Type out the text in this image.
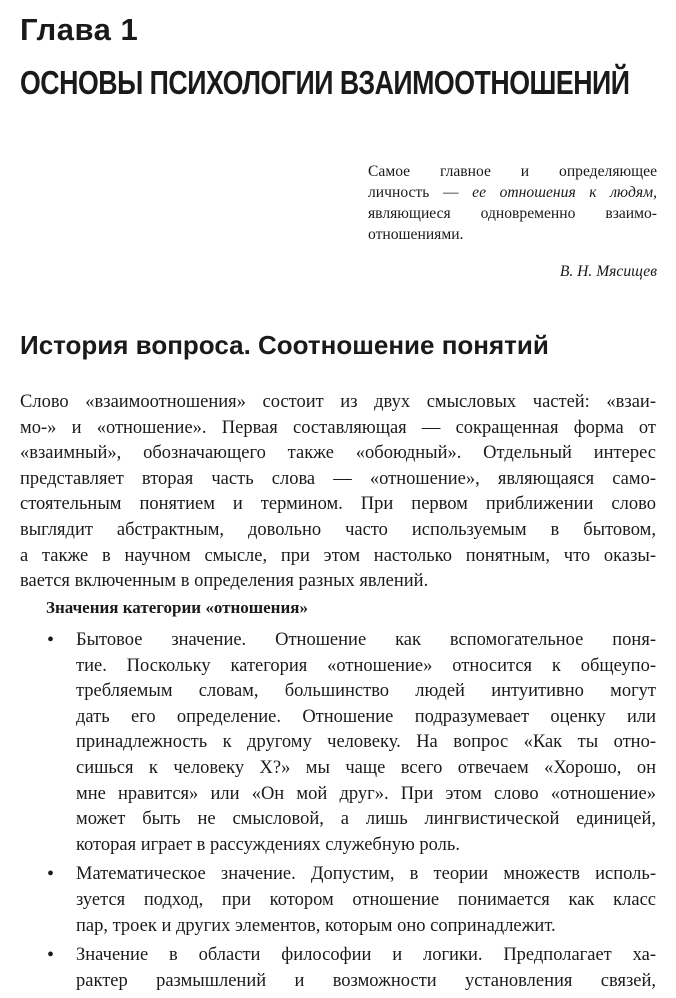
Глава 1
ОСНОВЫ ПСИХОЛОГИИ ВЗАИМООТНОШЕНИЙ
Самое главное и определяющее
личность — ее отношения к людям,
являющиеся одновременно взаимо-
отношениями.
В. Н. Мясищев
История вопроса. Соотношение понятий
Слово «взаимоотношения» состоит из двух смысловых частей: «взаи-
мо-» и «отношение». Первая составляющая — сокращенная форма от
«взаимный», обозначающего также «обоюдный». Отдельный интерес
представляет вторая часть слова — «отношение», являющаяся само-
стоятельным понятием и термином. При первом приближении слово
выглядит абстрактным, довольно часто используемым в бытовом,
а также в научном смысле, при этом настолько понятным, что оказы-
вается включенным в определения разных явлений.
Значения категории «отношения»
• Бытовое значение. Отношение как вспомогательное поня-
тие. Поскольку категория «отношение» относится к общеупо-
требляемым словам, большинство людей интуитивно могут
дать его определение. Отношение подразумевает оценку или
принадлежность к другому человеку. На вопрос «Как ты отно-
сишься к человеку Х?» мы чаще всего отвечаем «Хорошо, он
мне нравится» или «Он мой друг». При этом слово «отношение»
может быть не смысловой, а лишь лингвистической единицей,
которая играет в рассуждениях служебную роль.
• Математическое значение. Допустим, в теории множеств исполь-
зуется подход, при котором отношение понимается как класс
пар, троек и других элементов, которым оно сопринадлежит.
• Значение в области философии и логики. Предполагает ха-
рактер размышлений и возможности установления связей,
